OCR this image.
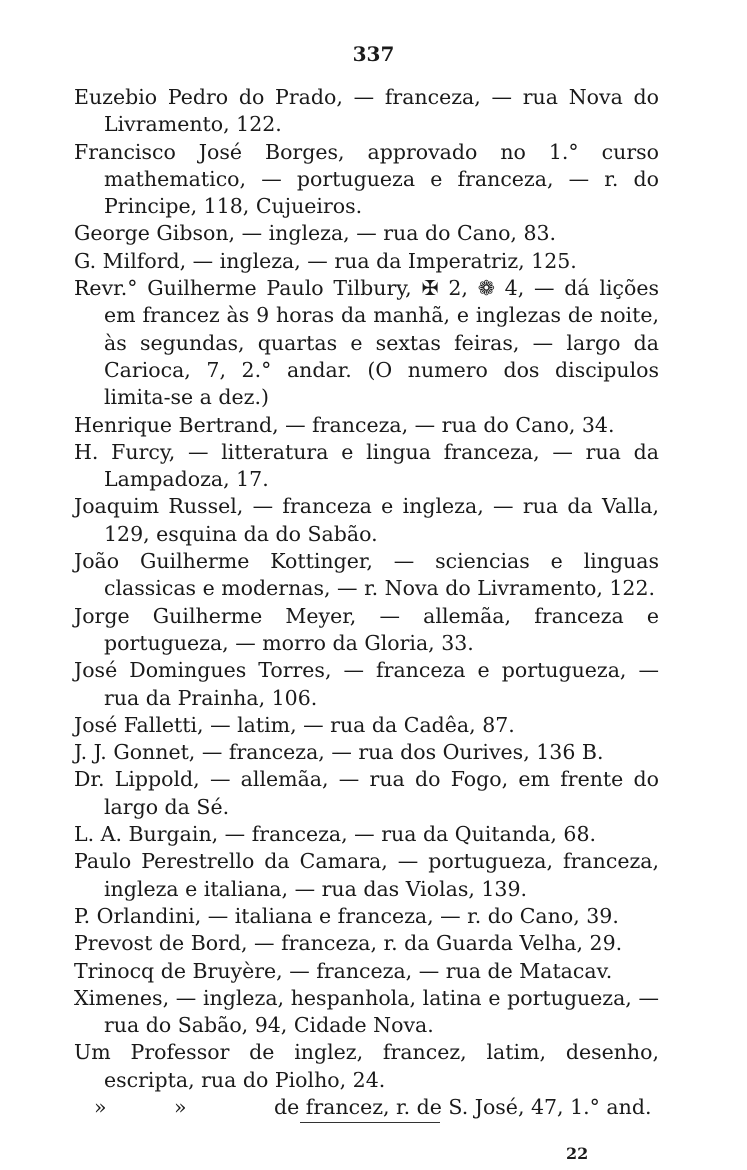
337

Euzebio Pedro do Prado, — franceza, — rua Nova do Livramento, 122.

Francisco José Borges, approvado no 1.° curso mathematico, — portugueza e franceza, — r. do Principe, 118, Cujueiros.

George Gibson, — ingleza, — rua do Cano, 83.

G. Milford, — ingleza, — rua da Imperatriz, 125.

Revr.° Guilherme Paulo Tilbury, ✠ 2, ❁ 4, — dá lições em francez às 9 horas da manhã, e inglezas de noite, às segundas, quartas e sextas feiras, — largo da Carioca, 7, 2.° andar. (O numero dos discipulos limita-se a dez.)

Henrique Bertrand, — franceza, — rua do Cano, 34.

H. Furcy, — litteratura e lingua franceza, — rua da Lampadoza, 17.

Joaquim Russel, — franceza e ingleza, — rua da Valla, 129, esquina da do Sabão.

João Guilherme Kottinger, — sciencias e linguas classicas e modernas, — r. Nova do Livramento, 122.

Jorge Guilherme Meyer, — allemãa, franceza e portugueza, — morro da Gloria, 33.

José Domingues Torres, — franceza e portugueza, — rua da Prainha, 106.

José Falletti, — latim, — rua da Cadêa, 87.

J. J. Gonnet, — franceza, — rua dos Ourives, 136 B.

Dr. Lippold, — allemãa, — rua do Fogo, em frente do largo da Sé.

L. A. Burgain, — franceza, — rua da Quitanda, 68.

Paulo Perestrello da Camara, — portugueza, franceza, ingleza e italiana, — rua das Violas, 139.

P. Orlandini, — italiana e franceza, — r. do Cano, 39.

Prevost de Bord, — franceza, r. da Guarda Velha, 29.

Trinocq de Bruyère, — franceza, — rua de Matacav.

Ximenes, — ingleza, hespanhola, latina e portugueza, — rua do Sabão, 94, Cidade Nova.

Um Professor de inglez, francez, latim, desenho, escripta, rua do Piolho, 24.

»	»	de francez, r. de S. José, 47, 1.° and.
22
